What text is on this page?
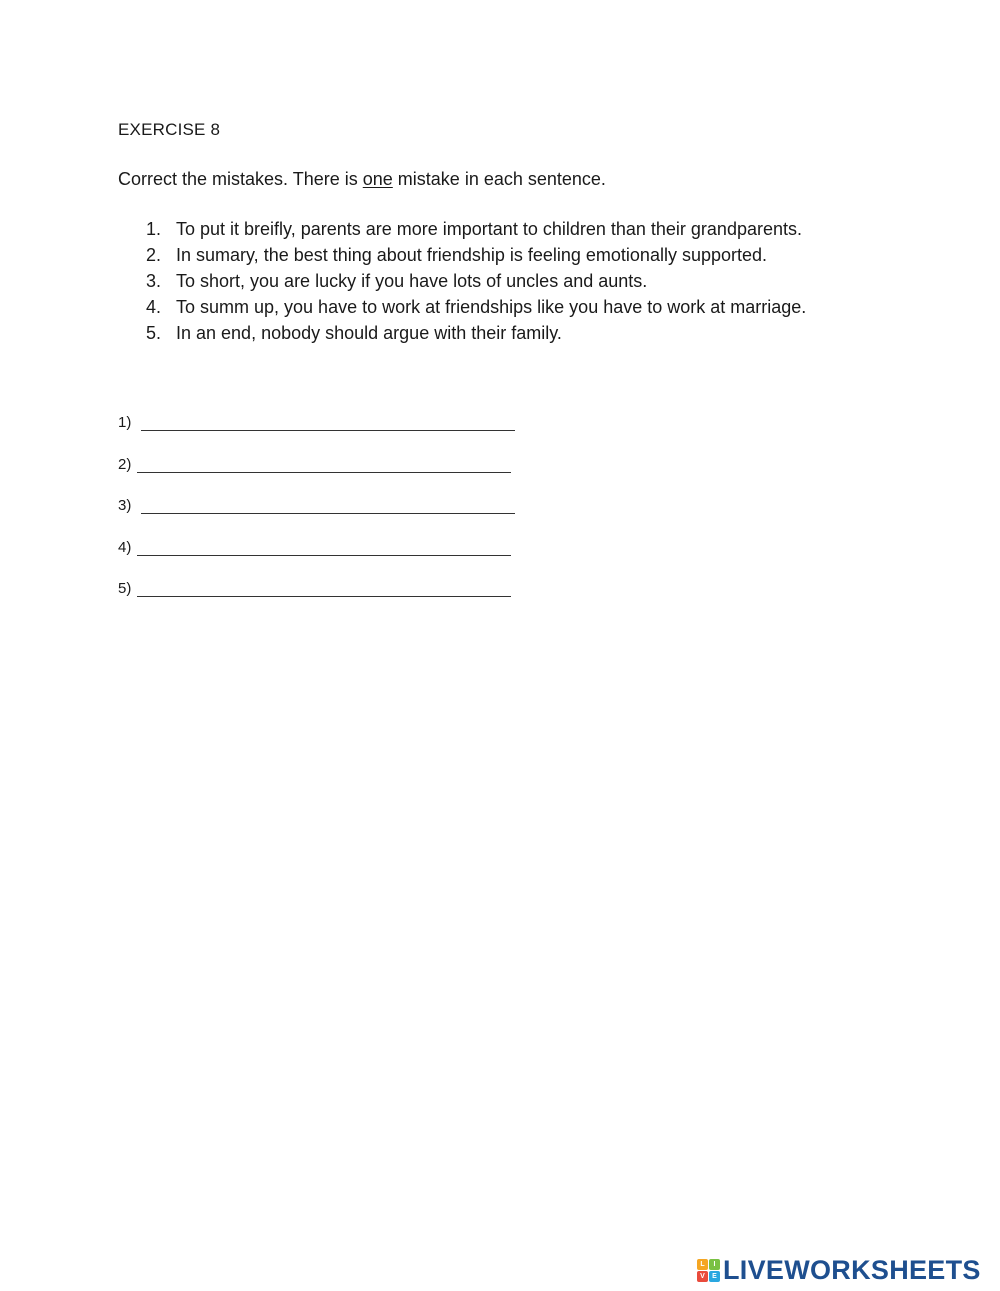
EXERCISE 8
Correct the mistakes. There is one mistake in each sentence.
1. To put it breifly, parents are more important to children than their grandparents.
2. In sumary, the best thing about friendship is feeling emotionally supported.
3. To short, you are lucky if you have lots of uncles and aunts.
4. To summ up, you have to work at friendships like you have to work at marriage.
5. In an end, nobody should argue with their family.
1)
2)
3)
4)
5)
L	I
V	E LIVEWORKSHEETS
